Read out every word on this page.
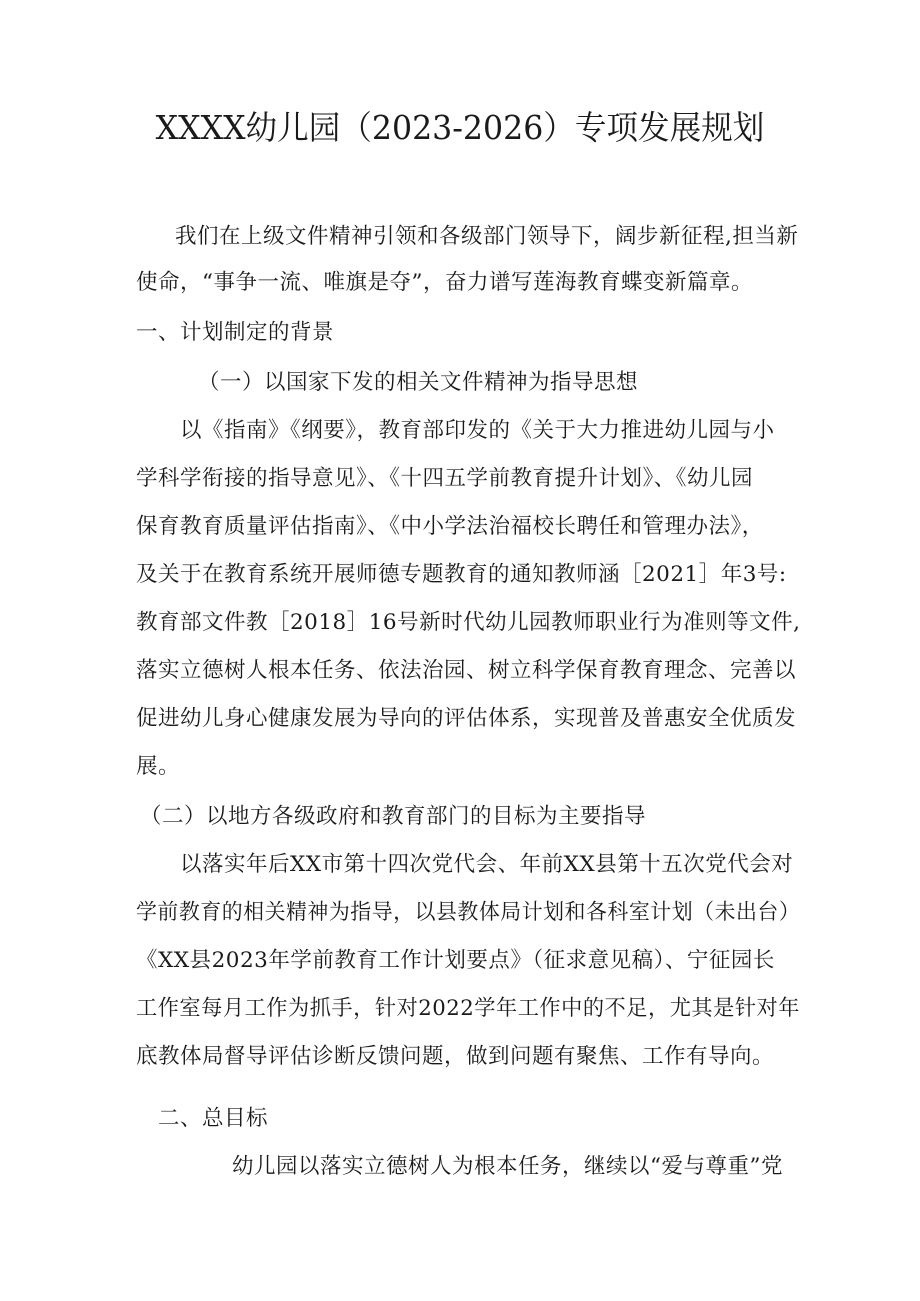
XXXX幼儿园（2023-2026）专项发展规划
我们在上级文件精神引领和各级部门领导下，阔步新征程,担当新
使命，“事争一流、唯旗是夺”，奋力谱写莲海教育蝶变新篇章。
一、计划制定的背景
（一）以国家下发的相关文件精神为指导思想
以《指南》《纲要》，教育部印发的《关于大力推进幼儿园与小
学科学衔接的指导意见》、《十四五学前教育提升计划》、《幼儿园
保育教育质量评估指南》、《中小学法治福校长聘任和管理办法》，
及关于在教育系统开展师德专题教育的通知教师涵［2021］年3号:
教育部文件教［2018］16号新时代幼儿园教师职业行为准则等文件,
落实立德树人根本任务、依法治园、树立科学保育教育理念、完善以
促进幼儿身心健康发展为导向的评估体系，实现普及普惠安全优质发
展。
（二）以地方各级政府和教育部门的目标为主要指导
以落实年后XX市第十四次党代会、年前XX县第十五次党代会对
学前教育的相关精神为指导，以县教体局计划和各科室计划（未出台）
《XX县2023年学前教育工作计划要点》（征求意见稿）、宁征园长
工作室每月工作为抓手，针对2022学年工作中的不足，尤其是针对年
底教体局督导评估诊断反馈问题，做到问题有聚焦、工作有导向。
二、总目标
幼儿园以落实立德树人为根本任务，继续以“爱与尊重”党
